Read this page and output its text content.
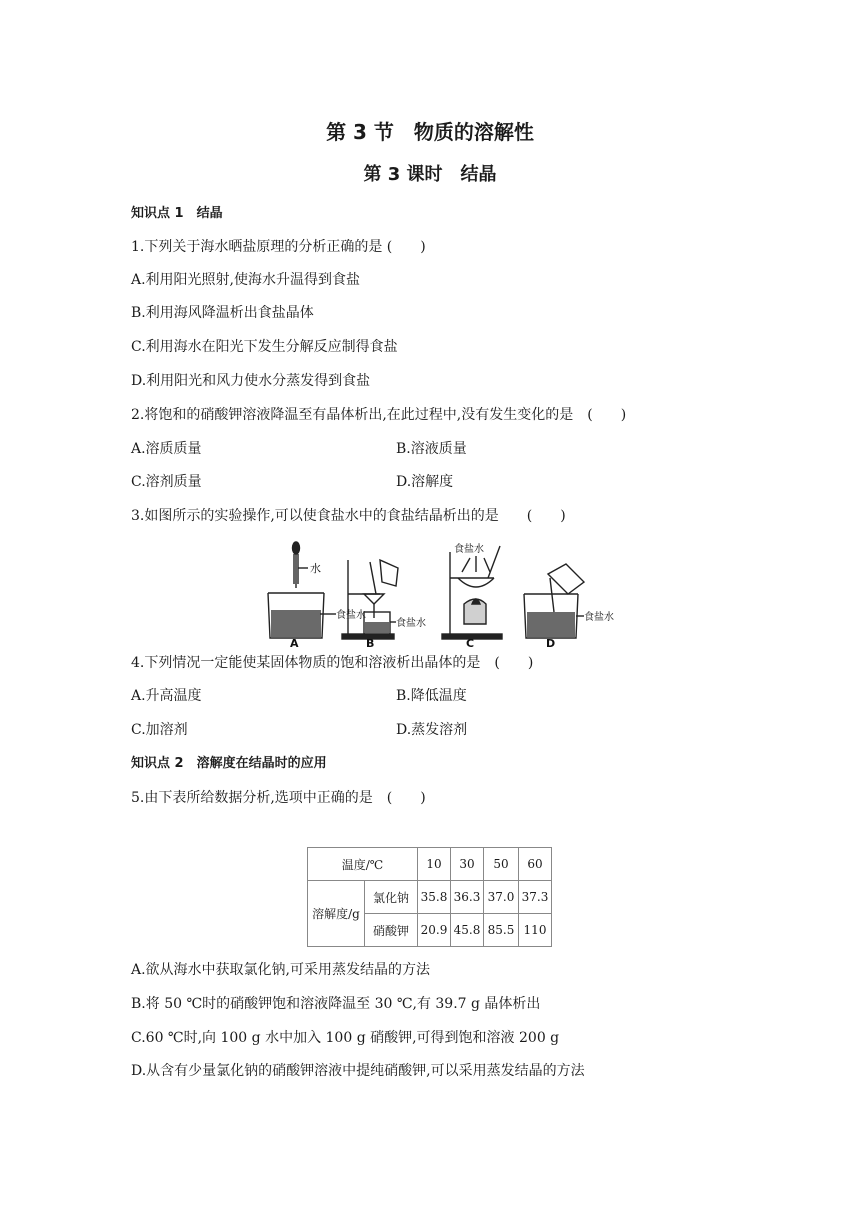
第 3 节　物质的溶解性
第 3 课时　结晶
知识点 1　结晶
1.下列关于海水晒盐原理的分析正确的是 (　　)
A.利用阳光照射,使海水升温得到食盐
B.利用海风降温析出食盐晶体
C.利用海水在阳光下发生分解反应制得食盐
D.利用阳光和风力使水分蒸发得到食盐
2.将饱和的硝酸钾溶液降温至有晶体析出,在此过程中,没有发生变化的是　(　　)
A.溶质质量	B.溶液质量
C.溶剂质量	D.溶解度
3.如图所示的实验操作,可以使食盐水中的食盐结晶析出的是　　(　　)
水
食盐水
A
食盐水
B
食盐水
C
食盐水
D
4.下列情况一定能使某固体物质的饱和溶液析出晶体的是　(　　)
A.升高温度	B.降低温度
C.加溶剂	D.蒸发溶剂
知识点 2　溶解度在结晶时的应用
5.由下表所给数据分析,选项中正确的是　(　　)
温度/℃		10	30	50	60
溶解度/g	氯化钠	35.8	36.3	37.0	37.3
	硝酸钾	20.9	45.8	85.5	110
A.欲从海水中获取氯化钠,可采用蒸发结晶的方法
B.将 50 ℃时的硝酸钾饱和溶液降温至 30 ℃,有 39.7 g 晶体析出
C.60 ℃时,向 100 g 水中加入 100 g 硝酸钾,可得到饱和溶液 200 g
D.从含有少量氯化钠的硝酸钾溶液中提纯硝酸钾,可以采用蒸发结晶的方法
